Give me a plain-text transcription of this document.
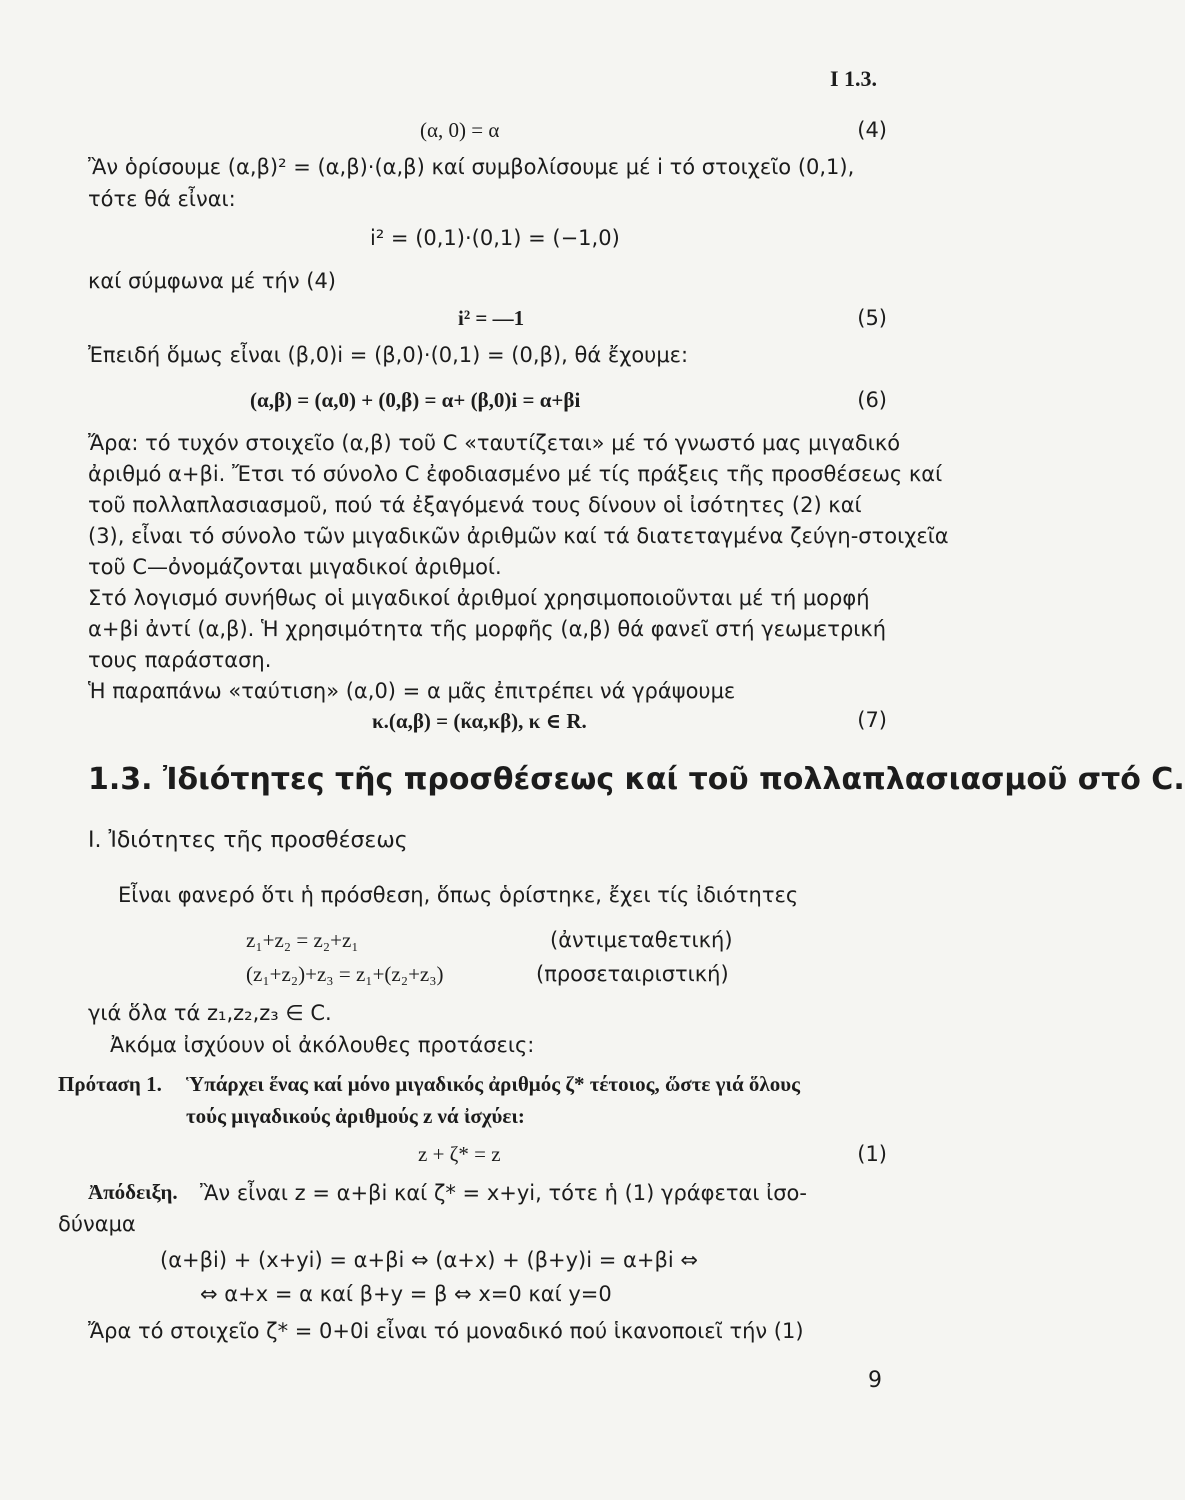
I 1.3.
(α, 0) = α	(4)
Ἂν ὁρίσουμε (α,β)² = (α,β)·(α,β) καί συμβολίσουμε μέ i τό στοιχεῖο (0,1),
τότε θά εἶναι:
i² = (0,1)·(0,1) = (−1,0)
καί σύμφωνα μέ τήν (4)
i² = —1	(5)
Ἐπειδή ὅμως εἶναι (β,0)i = (β,0)·(0,1) = (0,β), θά ἔχουμε:
(α,β) = (α,0) + (0,β) = α+ (β,0)i = α+βi	(6)
Ἄρα: τό τυχόν στοιχεῖο (α,β) τοῦ C «ταυτίζεται» μέ τό γνωστό μας μιγαδικό
ἀριθμό α+βi. Ἔτσι τό σύνολο C ἐφοδιασμένο μέ τίς πράξεις τῆς προσθέσεως καί
τοῦ πολλαπλασιασμοῦ, πού τά ἐξαγόμενά τους δίνουν οἱ ἰσότητες (2) καί
(3), εἶναι τό σύνολο τῶν μιγαδικῶν ἀριθμῶν καί τά διατεταγμένα ζεύγη-στοιχεῖα
τοῦ C—ὀνομάζονται μιγαδικοί ἀριθμοί.
Στό λογισμό συνήθως οἱ μιγαδικοί ἀριθμοί χρησιμοποιοῦνται μέ τή μορφή
α+βi ἀντί (α,β). Ἡ χρησιμότητα τῆς μορφῆς (α,β) θά φανεῖ στή γεωμετρική
τους παράσταση.
Ἡ παραπάνω «ταύτιση» (α,0) = α μᾶς ἐπιτρέπει νά γράψουμε
κ.(α,β) = (κα,κβ), κ ∈ R.	(7)
1.3. Ἰδιότητες τῆς προσθέσεως καί τοῦ πολλαπλασιασμοῦ στό C.
Ι. Ἰδιότητες τῆς προσθέσεως
Εἶναι φανερό ὅτι ἡ πρόσθεση, ὅπως ὁρίστηκε, ἔχει τίς ἰδιότητες
z₁+z₂ = z₂+z₁	(ἀντιμεταθετική)
(z₁+z₂)+z₃ = z₁+(z₂+z₃)	(προσεταιριστική)
γιά ὅλα τά z₁,z₂,z₃ ∈ C.
Ἀκόμα ἰσχύουν οἱ ἀκόλουθες προτάσεις:
Πρόταση 1. Ὑπάρχει ἕνας καί μόνο μιγαδικός ἀριθμός ζ* τέτοιος, ὥστε γιά ὅλους
τούς μιγαδικούς ἀριθμούς z νά ἰσχύει:
z + ζ* = z	(1)
Ἀπόδειξη. Ἂν εἶναι z = α+βi καί ζ* = x+yi, τότε ἡ (1) γράφεται ἰσο-
δύναμα
(α+βi) + (x+yi) = α+βi ⇔ (α+x) + (β+y)i = α+βi ⇔
⇔ α+x = α καί β+y = β ⇔ x=0 καί y=0
Ἄρα τό στοιχεῖο ζ* = 0+0i εἶναι τό μοναδικό πού ἱκανοποιεῖ τήν (1)
9
